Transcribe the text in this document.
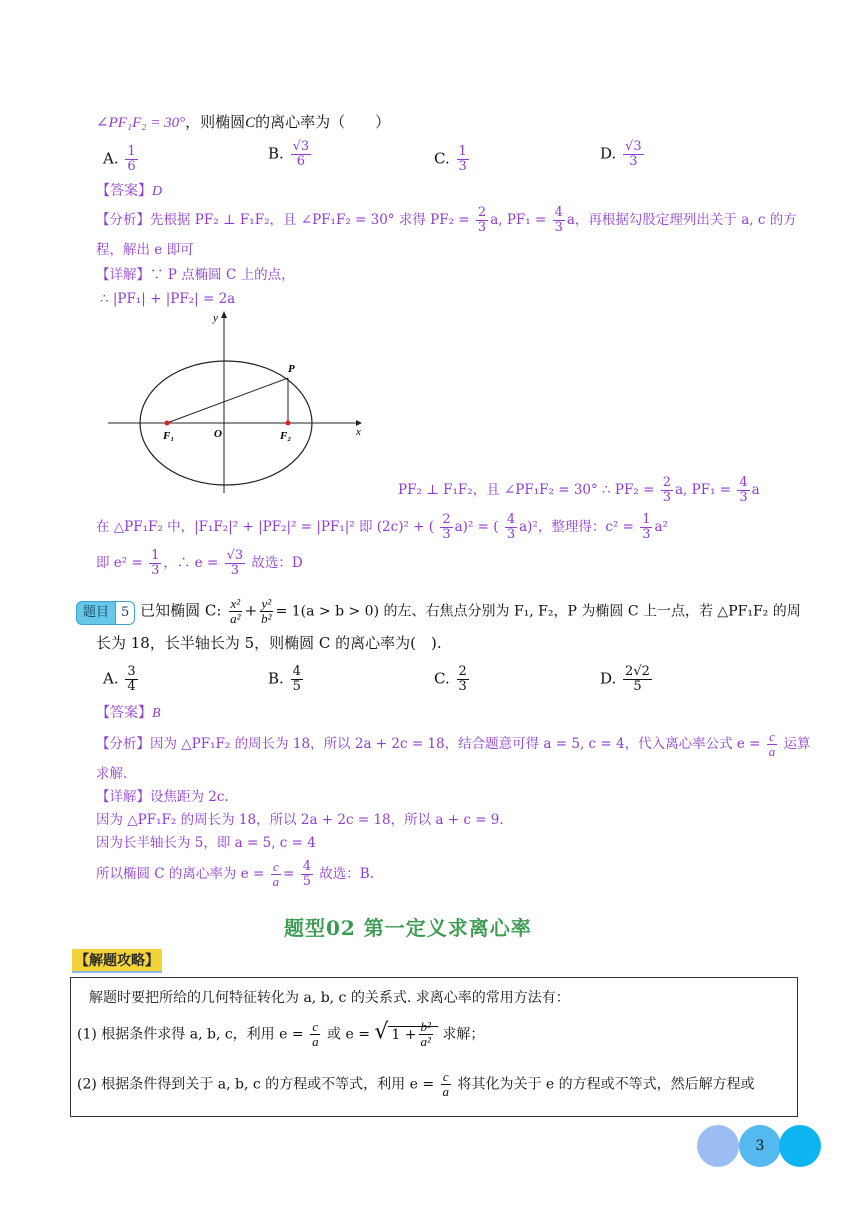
∠PF₁F₂ = 30°，则椭圆C的离心率为（　　）
A. $\frac{1}{6}$	B. $\frac{√3}{6}$	C. $\frac{1}{3}$	D. $\frac{√3}{3}$
【答案】D
【分析】先根据 PF₂ ⊥ F₁F₂，且 ∠PF₁F₂ = 30° 求得 $PF_2 = \frac{2}{3} a$, $PF_1 = \frac{4}{3}$ a，再根据勾股定理列出关于 a, c 的方
程，解出 e 即可
【详解】∵ P 点椭圆 C 上的点，
∴ |PF₁| + |PF₂| = 2a
y
x
P
O
F₁	F₂
PF₂ ⊥ F₁F₂，且 ∠PF₁F₂ = 30° ∴ $PF_2 = \frac{2}{3} a$, $PF_1 = \frac{4}{3}$ a
在 △PF₁F₂ 中，|F₁F₂|² + |PF₂|² = |PF₁|² 即 (2c)² + ( $\frac{2}{3} a)^2$ = ( $\frac{4}{3} a)^2$，整理得：$c^2 = \frac{1}{3} a^2$
即 $e^2 = \frac{1}{3}$ ，∴ $e = \frac{√3}{3}$ 故选：D
题目 5 已知椭圆 C: $\frac{\text{x²}}{\text{a²}} + \frac{\text{y²}}{\text{b²}} = 1(a > b > 0)$ 的左、右焦点分别为 F₁, F₂，P 为椭圆 C 上一点，若 △PF₁F₂ 的周
长为 18，长半轴长为 5，则椭圆 C 的离心率为(　).
A. $\frac{3}{4}$	B. $\frac{4}{5}$	C. $\frac{2}{3}$	D. $\frac{2√2}{5}$
【答案】B
【分析】因为 △PF₁F₂ 的周长为 18，所以 2a + 2c = 18，结合题意可得 a = 5, c = 4，代入离心率公式 $e = \frac{c}{a}$ 运算
求解.
【详解】设焦距为 2c.
因为 △PF₁F₂ 的周长为 18，所以 2a + 2c = 18，所以 a + c = 9.
因为长半轴长为 5，即 a = 5, c = 4
所以椭圆 C 的离心率为 $e = \frac{c}{a} = \frac{4}{5}$ 故选：B.
题型02 第一定义求离心率
【解题攻略】
解题时要把所给的几何特征转化为 a, b, c 的关系式. 求离心率的常用方法有：
(1) 根据条件求得 a, b, c，利用 $e = \frac{c}{a}$ 或 e = √ $1 + \frac{\text{b²}}{\text{a²}}$ 求解；
(2) 根据条件得到关于 a, b, c 的方程或不等式，利用 $e = \frac{c}{a}$ 将其化为关于 e 的方程或不等式，然后解方程或
3
